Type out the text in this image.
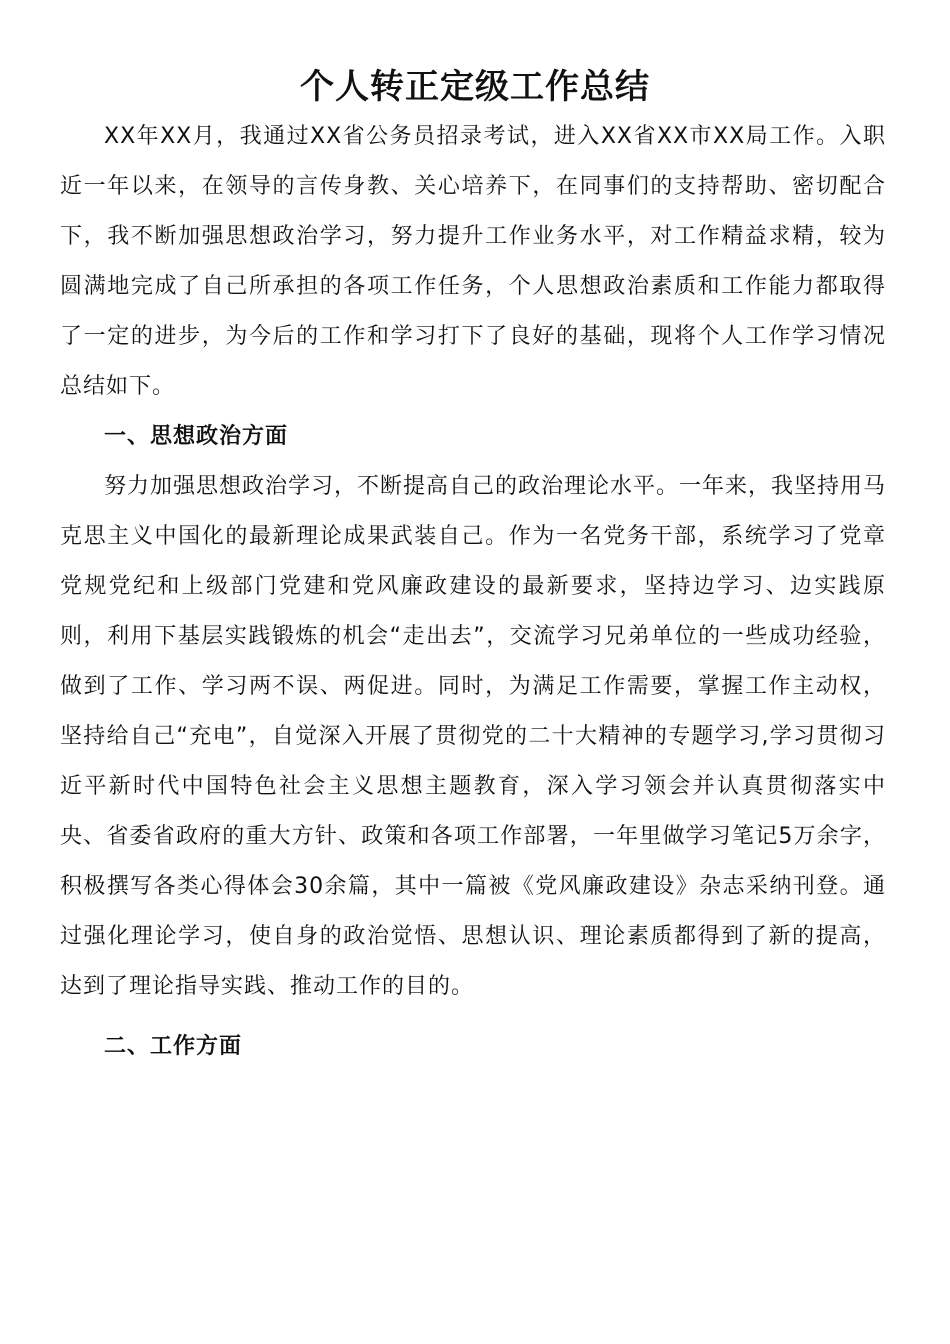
个人转正定级工作总结

XX年XX月，我通过XX省公务员招录考试，进入XX省XX市XX局工作。入职近一年以来，在领导的言传身教、关心培养下，在同事们的支持帮助、密切配合下，我不断加强思想政治学习，努力提升工作业务水平，对工作精益求精，较为圆满地完成了自己所承担的各项工作任务，个人思想政治素质和工作能力都取得了一定的进步，为今后的工作和学习打下了良好的基础，现将个人工作学习情况总结如下。

一、思想政治方面

努力加强思想政治学习，不断提高自己的政治理论水平。一年来，我坚持用马克思主义中国化的最新理论成果武装自己。作为一名党务干部，系统学习了党章党规党纪和上级部门党建和党风廉政建设的最新要求，坚持边学习、边实践原则，利用下基层实践锻炼的机会“走出去”，交流学习兄弟单位的一些成功经验，做到了工作、学习两不误、两促进。同时，为满足工作需要，掌握工作主动权，坚持给自己“充电”，自觉深入开展了贯彻党的二十大精神的专题学习,学习贯彻习近平新时代中国特色社会主义思想主题教育，深入学习领会并认真贯彻落实中央、省委省政府的重大方针、政策和各项工作部署，一年里做学习笔记5万余字，积极撰写各类心得体会30余篇，其中一篇被《党风廉政建设》杂志采纳刊登。通过强化理论学习，使自身的政治觉悟、思想认识、理论素质都得到了新的提高，达到了理论指导实践、推动工作的目的。

二、工作方面
